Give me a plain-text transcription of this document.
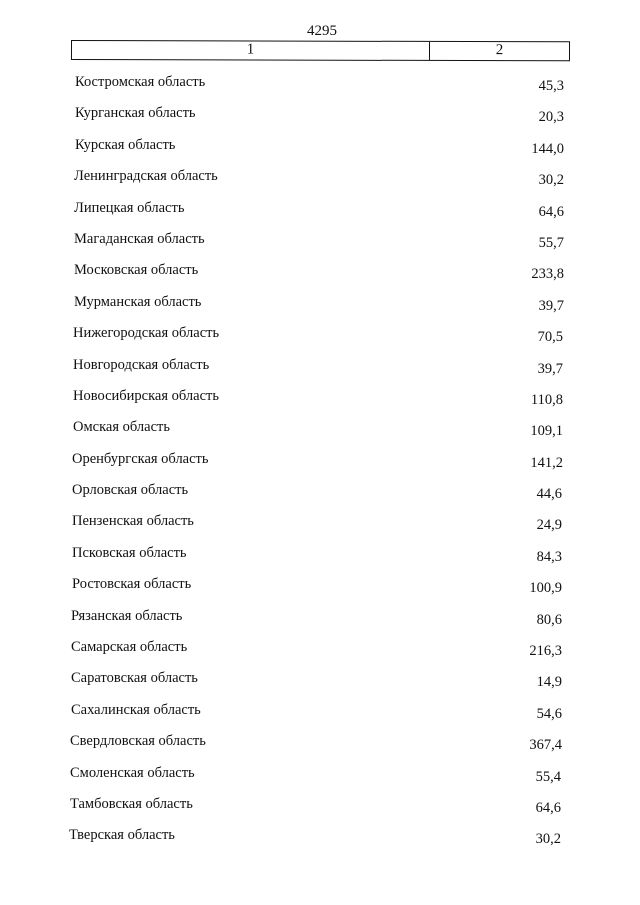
4295
1	2
Костромская область	45,3
Курганская область	20,3
Курская область	144,0
Ленинградская область	30,2
Липецкая область	64,6
Магаданская область	55,7
Московская область	233,8
Мурманская область	39,7
Нижегородская область	70,5
Новгородская область	39,7
Новосибирская область	110,8
Омская область	109,1
Оренбургская область	141,2
Орловская область	44,6
Пензенская область	24,9
Псковская область	84,3
Ростовская область	100,9
Рязанская область	80,6
Самарская область	216,3
Саратовская область	14,9
Сахалинская область	54,6
Свердловская область	367,4
Смоленская область	55,4
Тамбовская область	64,6
Тверская область	30,2
